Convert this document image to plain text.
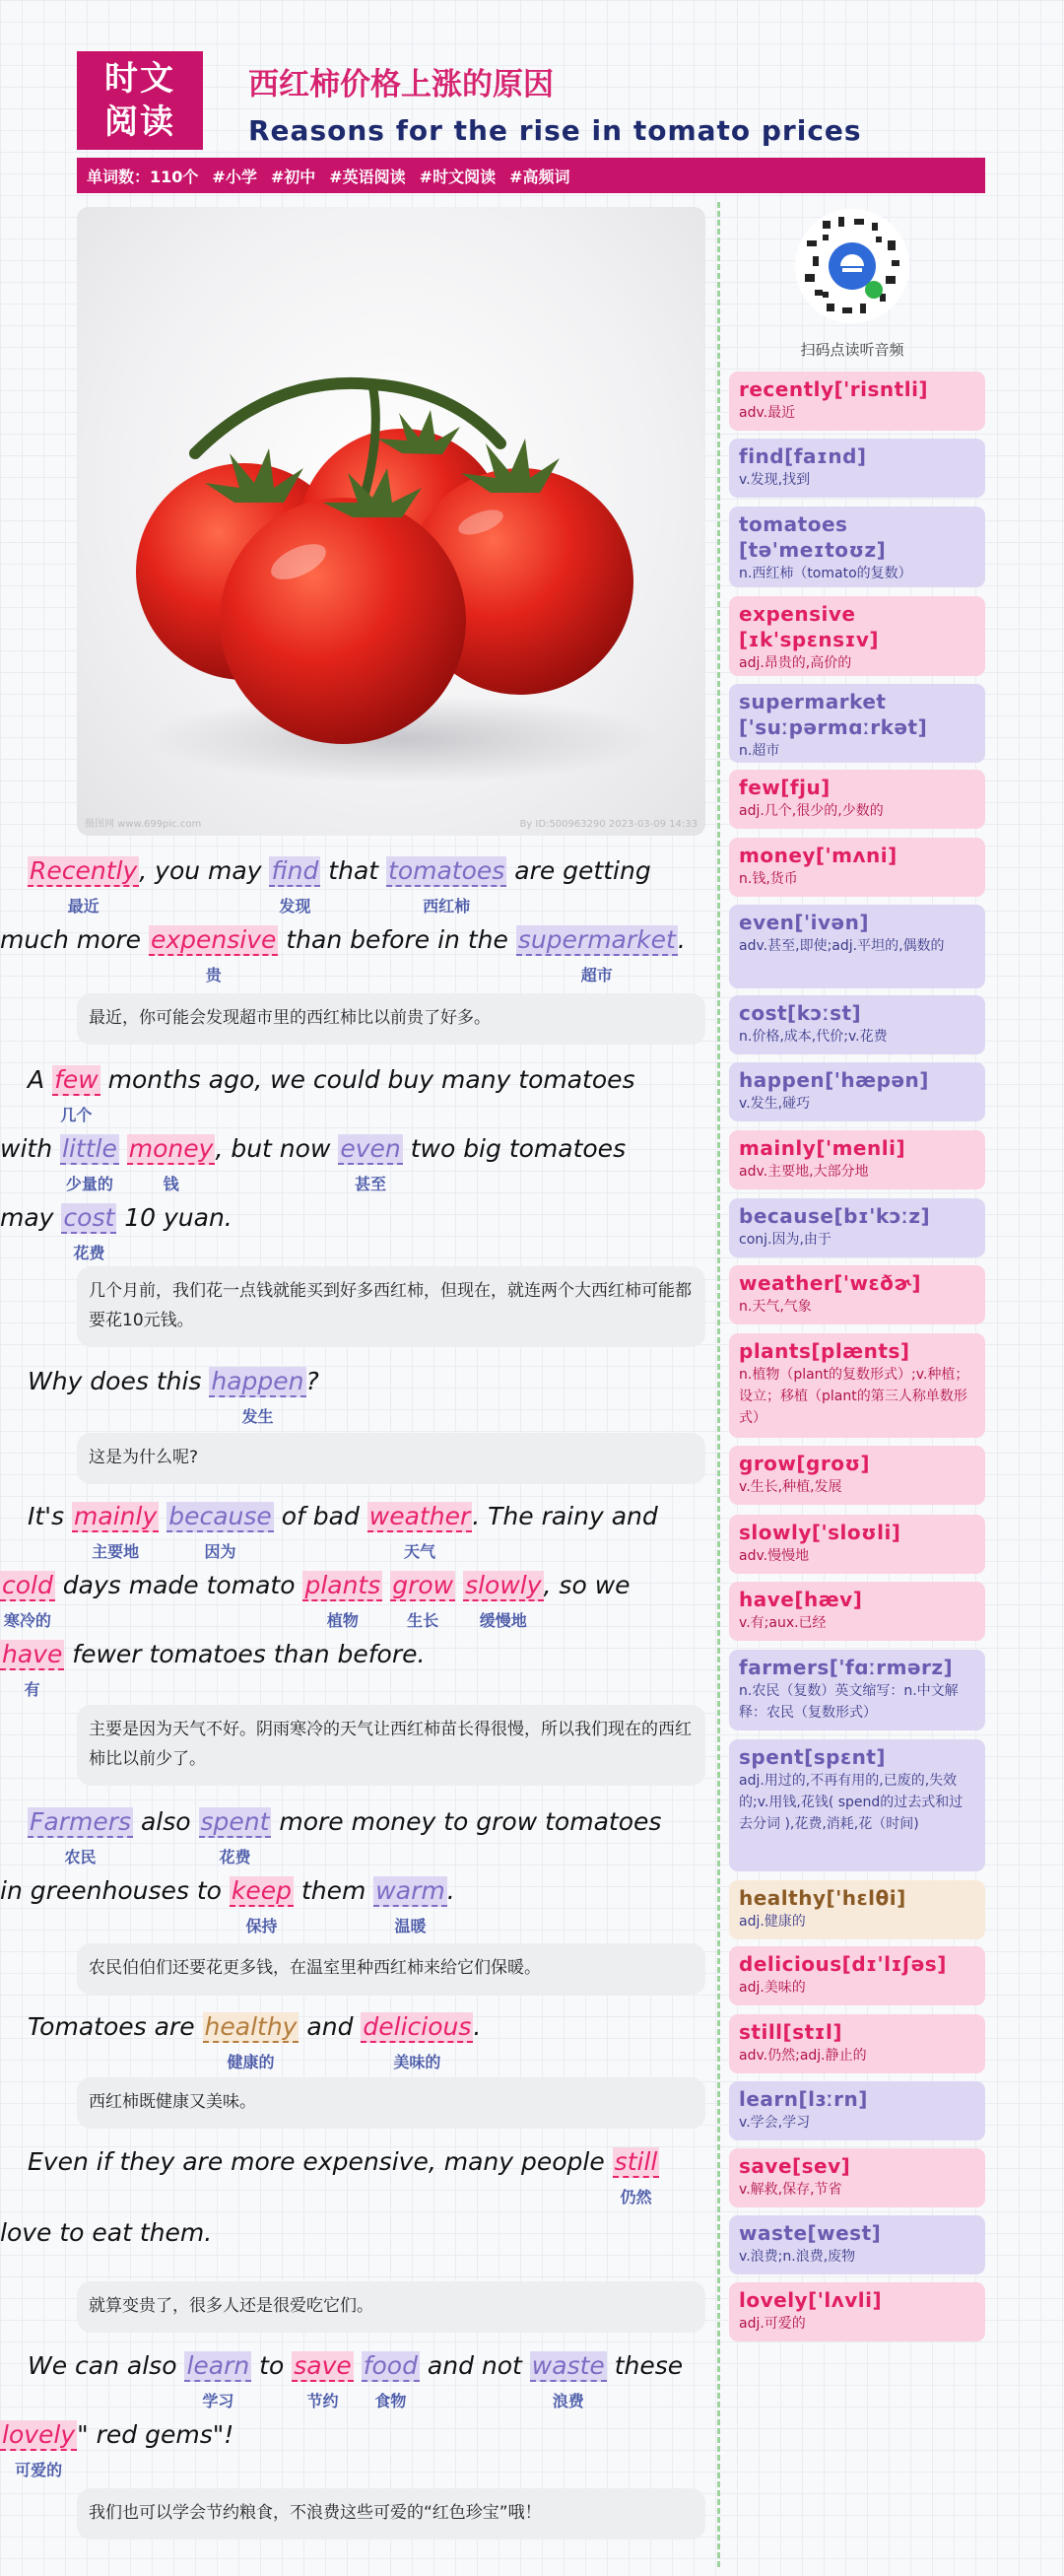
时文
阅读
西红柿价格上涨的原因
Reasons for the rise in tomato prices
单词数：110个 #小学 #初中 #英语阅读 #时文阅读 #高频词
摄图网 www.699pic.com	By ID:500963290 2023-03-09 14:33
Recently
最近
, you may find
发现
that tomatoes
西红柿
are getting
much more expensive
贵
than before in the supermarket
超市
.
最近，你可能会发现超市里的西红柿比以前贵了好多。
A few
几个
months ago, we could buy many tomatoes
with little
少量的
money
钱
, but now even
甚至
two big tomatoes
may cost
花费
10 yuan.
几个月前，我们花一点钱就能买到好多西红柿，但现在，就连两个大西红柿可能都要花10元钱。
Why does this happen
发生
?
这是为什么呢?
It's mainly
主要地
because
因为
of bad weather
天气
. The rainy and
cold
寒冷的
days made tomato plants
植物
grow
生长
slowly
缓慢地
, so we
have
有
fewer tomatoes than before.
主要是因为天气不好。阴雨寒冷的天气让西红柿苗长得很慢，所以我们现在的西红柿比以前少了。
Farmers
农民
also spent
花费
more money to grow tomatoes
in greenhouses to keep
保持
them warm
温暖
.
农民伯伯们还要花更多钱，在温室里种西红柿来给它们保暖。
Tomatoes are healthy
健康的
and delicious
美味的
.
西红柿既健康又美味。
Even if they are more expensive, many people still
仍然
love to eat them.
就算变贵了，很多人还是很爱吃它们。
We can also learn
学习
to save
节约
food
食物
and not waste
浪费
these
lovely
可爱的
" red gems"!
我们也可以学会节约粮食，不浪费这些可爱的“红色珍宝”哦！
扫码点读听音频
recently['risntli]
adv.最近
find[faɪnd]
v.发现,找到
tomatoes [tə'meɪtoʊz]
n.西红柿（tomato的复数）
expensive [ɪk'spɛnsɪv]
adj.昂贵的,高价的
supermarket ['suːpərmɑːrkət]
n.超市
few[fju]
adj.几个,很少的,少数的
money['mʌni]
n.钱,货币
even['ivən]
adv.甚至,即使;adj.平坦的,偶数的
cost[kɔːst]
n.价格,成本,代价;v.花费
happen['hæpən]
v.发生,碰巧
mainly['menli]
adv.主要地,大部分地
because[bɪ'kɔːz]
conj.因为,由于
weather['wɛðɚ]
n.天气,气象
plants[plænts]
n.植物（plant的复数形式）;v.种植；设立；移植（plant的第三人称单数形式）
grow[groʊ]
v.生长,种植,发展
slowly['sloʊli]
adv.慢慢地
have[hæv]
v.有;aux.已经
farmers['fɑːrmərz]
n.农民（复数）英文缩写：n.中文解释：农民（复数形式）
spent[spɛnt]
adj.用过的,不再有用的,已废的,失效的;v.用钱,花钱( spend的过去式和过去分词 ),花费,消耗,花（时间)
healthy['hɛlθi]
adj.健康的
delicious[dɪ'lɪʃəs]
adj.美味的
still[stɪl]
adv.仍然;adj.静止的
learn[lɜːrn]
v.学会,学习
save[sev]
v.解救,保存,节省
waste[west]
v.浪费;n.浪费,废物
lovely['lʌvli]
adj.可爱的
